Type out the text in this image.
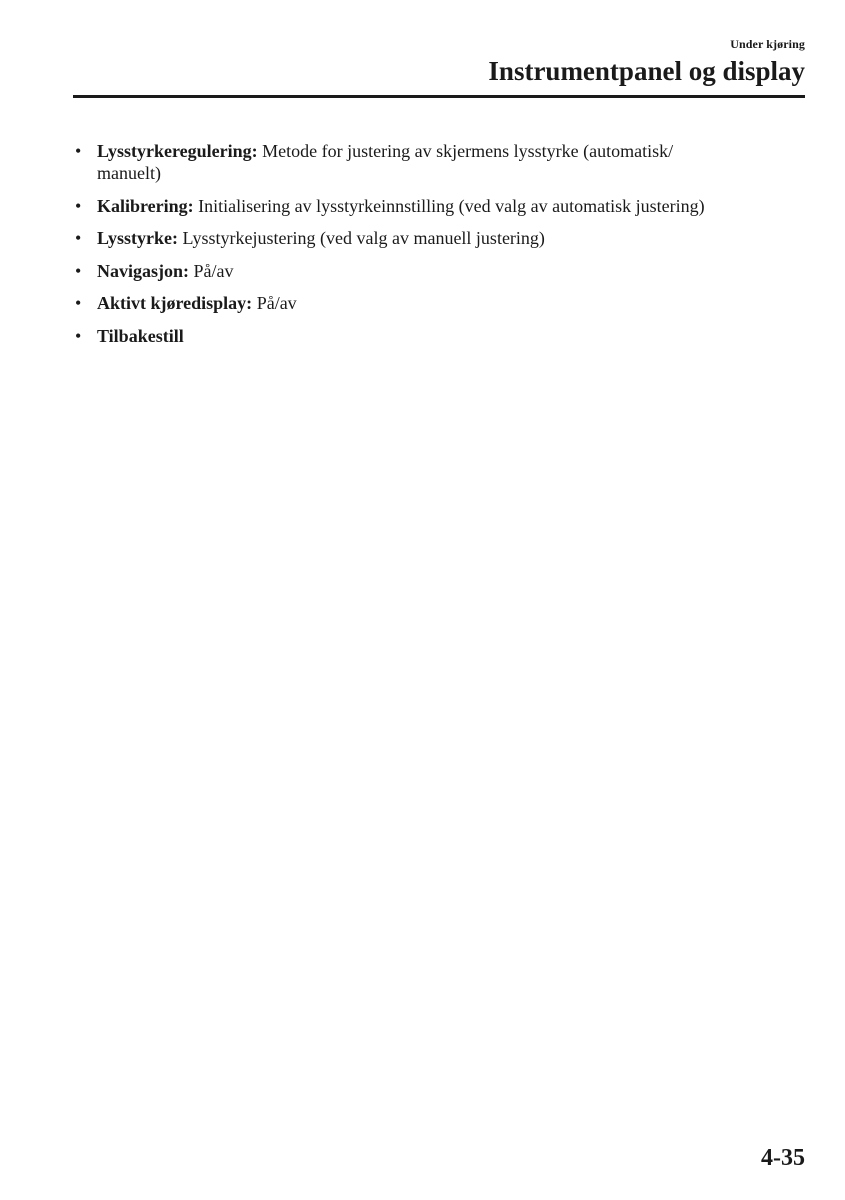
Under kjøring
Instrumentpanel og display
• Lysstyrkeregulering: Metode for justering av skjermens lysstyrke (automatisk/
manuelt)
• Kalibrering: Initialisering av lysstyrkeinnstilling (ved valg av automatisk justering)
• Lysstyrke: Lysstyrkejustering (ved valg av manuell justering)
• Navigasjon: På/av
• Aktivt kjøredisplay: På/av
• Tilbakestill
4-35
